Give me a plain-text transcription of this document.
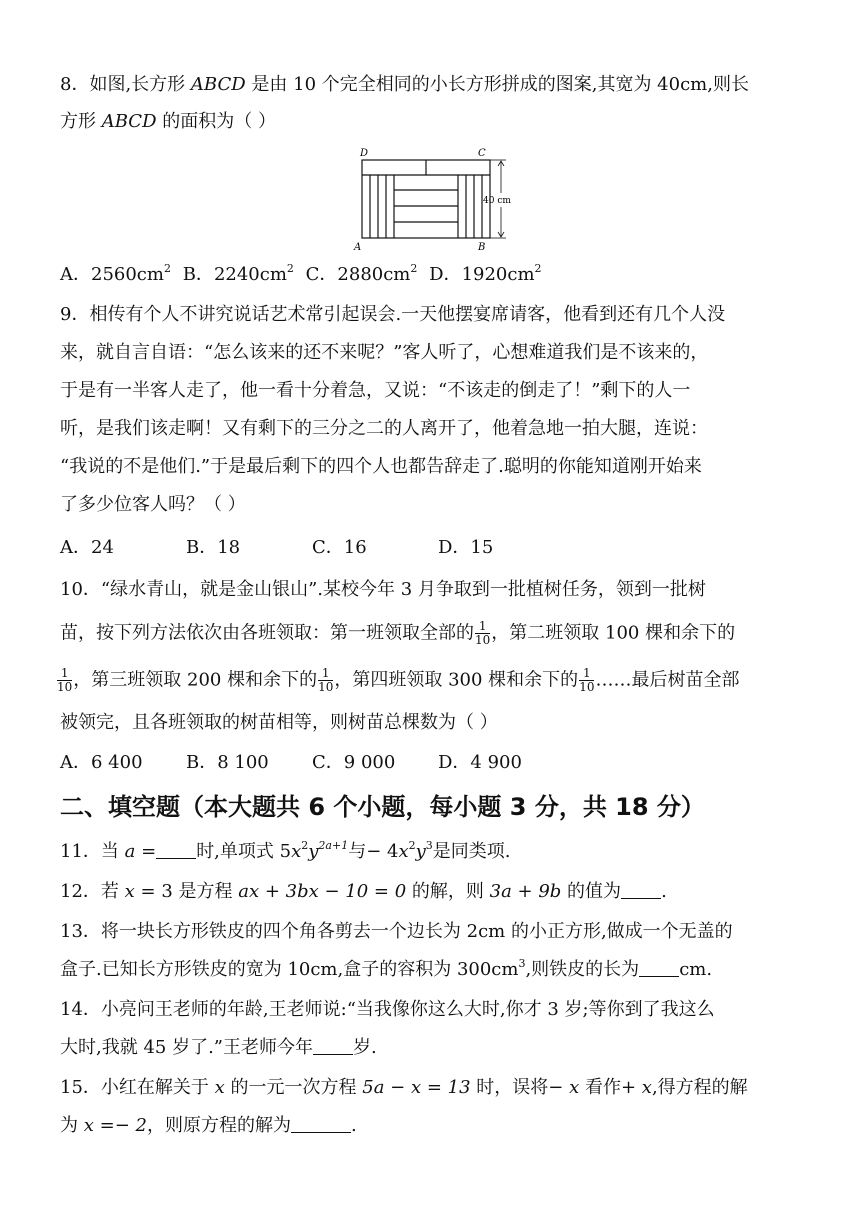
8．如图,长方形 ABCD 是由 10 个完全相同的小长方形拼成的图案,其宽为 40cm,则长
方形 ABCD 的面积为（ ）
D	C
A	B
40 cm
A．$2560cm^2$ B．$2240cm^2$ C．$2880cm^2$ D．$1920cm^2$
9．相传有个人不讲究说话艺术常引起误会.一天他摆宴席请客，他看到还有几个人没
来，就自言自语：“怎么该来的还不来呢？”客人听了，心想难道我们是不该来的，
于是有一半客人走了，他一看十分着急，又说：“不该走的倒走了！”剩下的人一
听，是我们该走啊！又有剩下的三分之二的人离开了，他着急地一拍大腿，连说：
“我说的不是他们.”于是最后剩下的四个人也都告辞走了.聪明的你能知道刚开始来
了多少位客人吗？（ ）
A．24	B．18	C．16	D．15
10．“绿水青山，就是金山银山”.某校今年 3 月争取到一批植树任务，领到一批树
苗，按下列方法依次由各班领取：第一班领取全部的 $\frac{1}{10}$ ，第二班领取 100 棵和余下的
$\frac{1}{10}$ ，第三班领取 200 棵和余下的 $\frac{1}{10}$ ，第四班领取 300 棵和余下的 $\frac{1}{10}$ ……最后树苗全部
被领完，且各班领取的树苗相等，则树苗总棵数为（ ）
A．6 400 B．8 100 C．9 000 D．4 900
二、填空题（本大题共 6 个小题，每小题 3 分，共 18 分）
11．当 a = 时,单项式 $5x^2y^{2a+1}$与− $4x^2y^3$是同类项.
12．若 x = 3 是方程 ax + 3bx − 10 = 0 的解，则 3a + 9b 的值为 .
13．将一块长方形铁皮的四个角各剪去一个边长为 2cm 的小正方形,做成一个无盖的
盒子.已知长方形铁皮的宽为 10cm,盒子的容积为 $300cm^3$,则铁皮的长为 cm.
14．小亮问王老师的年龄,王老师说:“当我像你这么大时,你才 3 岁;等你到了我这么
大时,我就 45 岁了.”王老师今年 岁.
15．小红在解关于 x 的一元一次方程 5a − x = 13 时，误将− x 看作+ x,得方程的解
为 x =− 2，则原方程的解为	.
